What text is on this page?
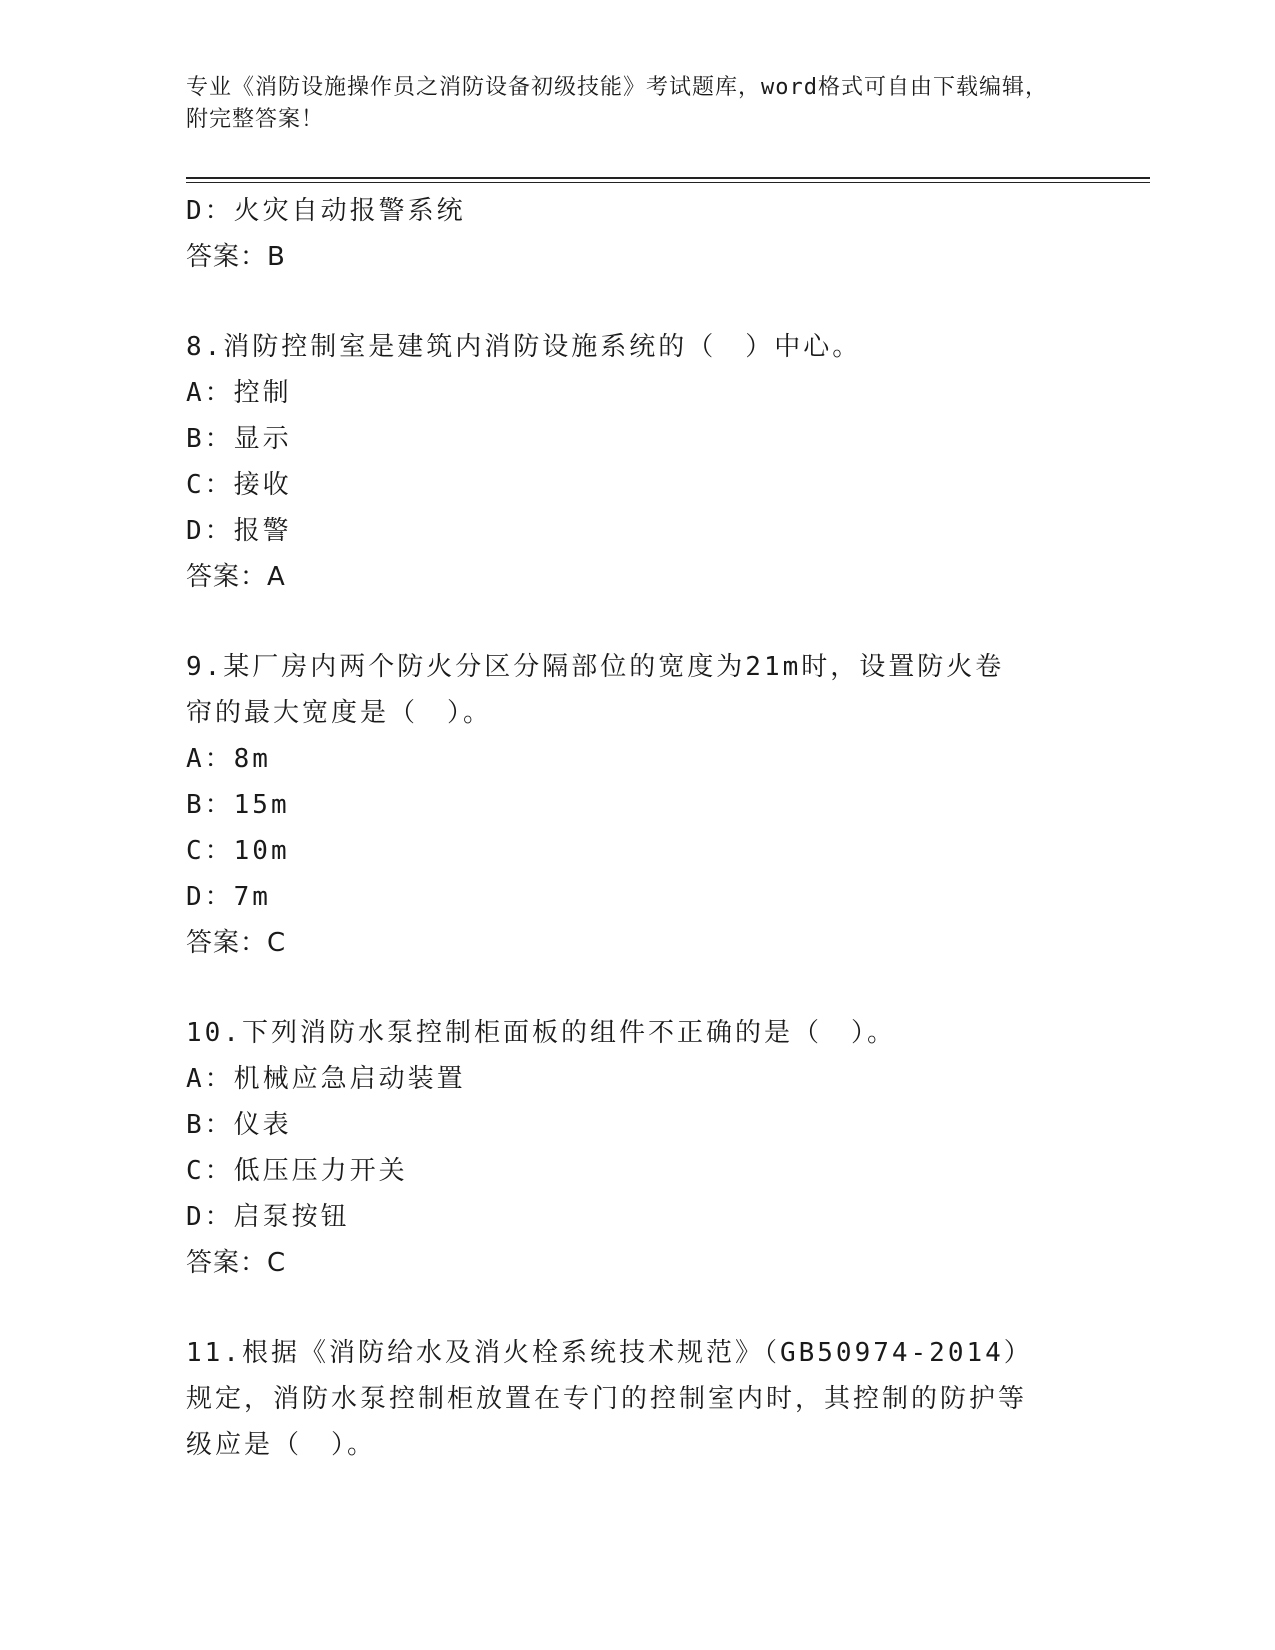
专业《消防设施操作员之消防设备初级技能》考试题库，word格式可自由下载编辑，附完整答案！
D：火灾自动报警系统
答案：B
8.消防控制室是建筑内消防设施系统的（　）中心。
A：控制
B：显示
C：接收
D：报警
答案：A
9.某厂房内两个防火分区分隔部位的宽度为21m时，设置防火卷帘的最大宽度是（　）。
A：8m
B：15m
C：10m
D：7m
答案：C
10.下列消防水泵控制柜面板的组件不正确的是（　）。
A：机械应急启动装置
B：仪表
C：低压压力开关
D：启泵按钮
答案：C
11.根据《消防给水及消火栓系统技术规范》（GB50974-2014）规定，消防水泵控制柜放置在专门的控制室内时，其控制的防护等级应是（　）。
